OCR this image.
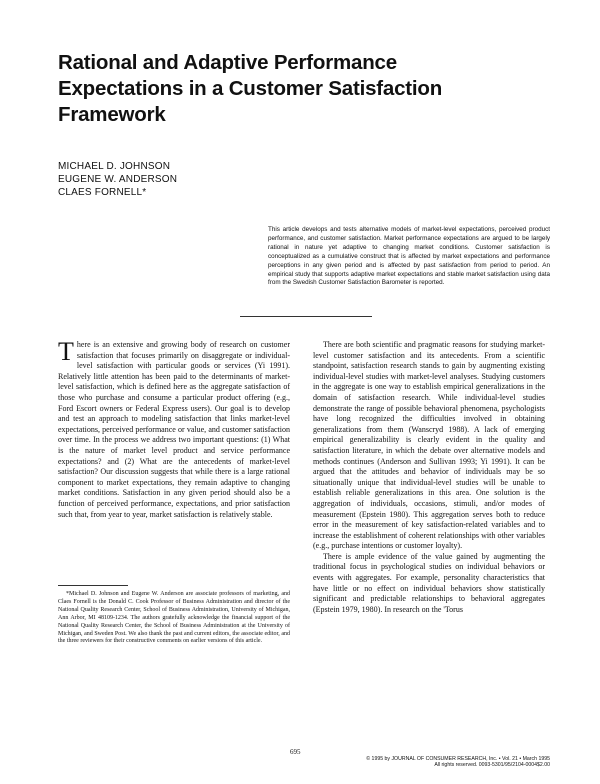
Rational and Adaptive Performance
Expectations in a Customer Satisfaction
Framework
MICHAEL D. JOHNSON
EUGENE W. ANDERSON
CLAES FORNELL*

This article develops and tests alternative models of market-level expectations, perceived product performance, and customer satisfaction. Market performance expectations are argued to be largely rational in nature yet adaptive to changing market conditions. Customer satisfaction is conceptualized as a cumulative construct that is affected by market expectations and performance perceptions in any given period and is affected by past satisfaction from period to period. An empirical study that supports adaptive market expectations and stable market satisfaction using data from the Swedish Customer Satisfaction Barometer is reported.

There is an extensive and growing body of research on customer satisfaction that focuses primarily on disaggregate or individual-level satisfaction with particular goods or services (Yi 1991). Relatively little attention has been paid to the determinants of market-level satisfaction, which is defined here as the aggregate satisfaction of those who purchase and consume a particular product offering (e.g., Ford Escort owners or Federal Express users). Our goal is to develop and test an approach to modeling satisfaction that links market-level expectations, perceived performance or value, and customer satisfaction over time. In the process we address two important questions: (1) What is the nature of market level product and service performance expectations? and (2) What are the antecedents of market-level satisfaction? Our discussion suggests that while there is a large rational component to market expectations, they remain adaptive to changing market conditions. Satisfaction in any given period should also be a function of perceived performance, expectations, and prior satisfaction such that, from year to year, market satisfaction is relatively stable.

*Michael D. Johnson and Eugene W. Anderson are associate professors of marketing, and Claes Fornell is the Donald C. Cook Professor of Business Administration and director of the National Quality Research Center, School of Business Administration, University of Michigan, Ann Arbor, MI 48109-1234. The authors gratefully acknowledge the financial support of the National Quality Research Center, the School of Business Administration at the University of Michigan, and Sweden Post. We also thank the past and current editors, the associate editor, and the three reviewers for their constructive comments on earlier versions of this article.

There are both scientific and pragmatic reasons for studying market-level customer satisfaction and its antecedents. From a scientific standpoint, satisfaction research stands to gain by augmenting existing individual-level studies with market-level analyses. Studying customers in the aggregate is one way to establish empirical generalizations in the domain of satisfaction research. While individual-level studies demonstrate the range of possible behavioral phenomena, psychologists have long recognized the difficulties involved in obtaining generalizations from them (Wanscryd 1988). A lack of emerging empirical generalizability is clearly evident in the quality and satisfaction literature, in which the debate over alternative models and methods continues (Anderson and Sullivan 1993; Yi 1991). It can be argued that the attitudes and behavior of individuals may be so situationally unique that individual-level studies will be unable to establish reliable generalizations in this area. One solution is the aggregation of individuals, occasions, stimuli, and/or modes of measurement (Epstein 1980). This aggregation serves both to reduce error in the measurement of key satisfaction-related variables and to increase the establishment of coherent relationships with other variables (e.g., purchase intentions or customer loyalty).

There is ample evidence of the value gained by augmenting the traditional focus in psychological studies on individual behaviors or events with aggregates. For example, personality characteristics that have little or no effect on individual behaviors show statistically significant and predictable relationships to behavioral aggregates (Epstein 1979, 1980). In research on the 'Torus

695
© 1995 by JOURNAL OF CONSUMER RESEARCH, Inc. • Vol. 21 • March 1995
All rights reserved. 0093-5301/95/2104-0004$2.00
